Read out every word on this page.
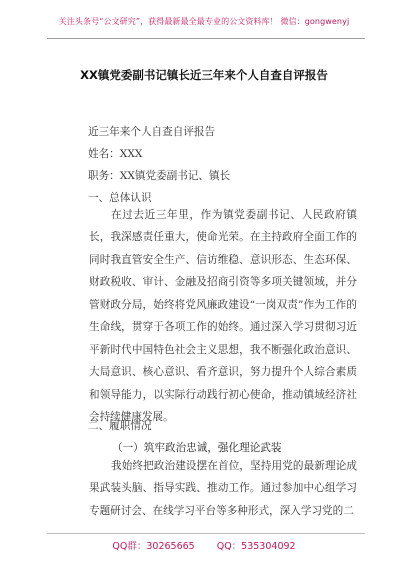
关注头条号“公文研究”，获得最新最全最专业的公文资料库！ 微信：gongwenyj
XX镇党委副书记镇长近三年来个人自查自评报告
近三年来个人自查自评报告
姓名：XXX
职务：XX镇党委副书记、镇长
一、总体认识
在过去近三年里，作为镇党委副书记、人民政府镇长，我深感责任重大，使命光荣。在主持政府全面工作的同时我直管安全生产、信访维稳、意识形态、生态环保、财政税收、审计、金融及招商引资等多项关键领域，并分管财政分局，始终将党风廉政建设“一岗双责”作为工作的生命线，贯穿于各项工作的始终。通过深入学习贯彻习近平新时代中国特色社会主义思想，我不断强化政治意识、大局意识、核心意识、看齐意识，努力提升个人综合素质和领导能力，以实际行动践行初心使命，推动镇域经济社会持续健康发展。
二、履职情况
（一）筑牢政治忠诚，强化理论武装
我始终把政治建设摆在首位，坚持用党的最新理论成果武装头脑、指导实践、推动工作。通过参加中心组学习专题研讨会、在线学习平台等多种形式，深入学习党的二
QQ群：30265665 QQ：535304092
